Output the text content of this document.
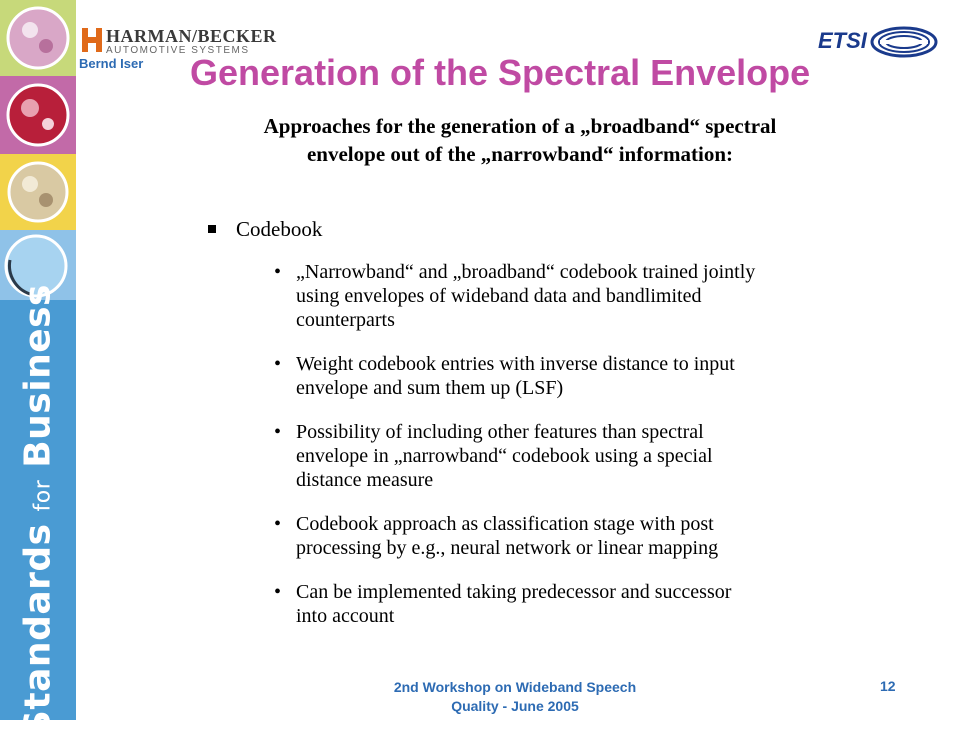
Standards for Business
HARMAN/BECKER
AUTOMOTIVE SYSTEMS
Bernd Iser
ETSI
Generation of the Spectral Envelope
Approaches for the generation of a „broadband“ spectral
envelope out of the „narrowband“ information:
Codebook
• „Narrowband“ and „broadband“ codebook trained jointly
using envelopes of wideband data and bandlimited
counterparts
• Weight codebook entries with inverse distance to input
envelope and sum them up (LSF)
• Possibility of including other features than spectral
envelope in „narrowband“ codebook using a special
distance measure
• Codebook approach as classification stage with post
processing by e.g., neural network or linear mapping
• Can be implemented taking predecessor and successor
into account
2nd Workshop on Wideband Speech
Quality - June 2005
12
